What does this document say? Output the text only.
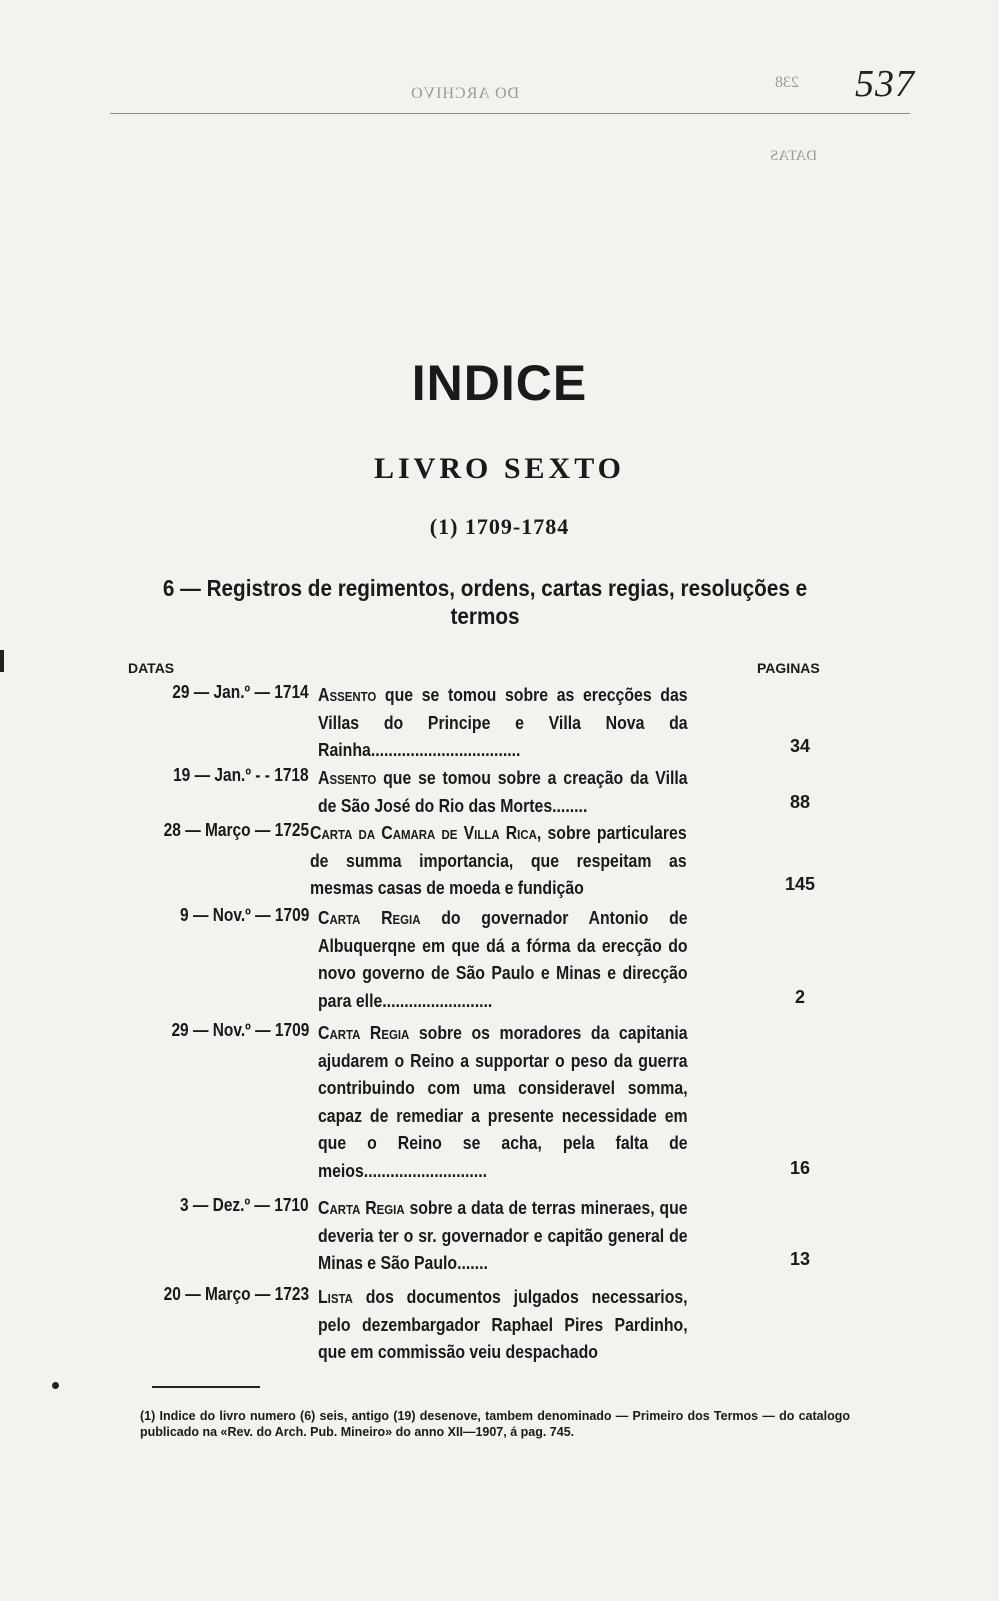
537
DO ARCHIVO
238
DATAS
INDICE
LIVRO SEXTO
(1) 1709-1784
6 — Registros de regimentos, ordens, cartas regias, resoluções e termos
DATAS	PAGINAS
29 — Jan.º — 1714 Assento que se tomou sobre as erecções das Villas do Principe e Villa Nova da Rainha..................................	34
19 — Jan.º - - 1718 Assento que se tomou sobre a creação da Villa de São José do Rio das Mortes........	88
28 — Março — 1725 Carta da Camara de Villa Rica, sobre particulares de summa importancia, que respeitam as mesmas casas de moeda e fundição	145
9 — Nov.º — 1709 Carta Regia do governador Antonio de Albuquerqne em que dá a fórma da erecção do novo governo de São Paulo e Minas e direcção para elle.........................	2
29 — Nov.º — 1709 Carta Regia sobre os moradores da capitania ajudarem o Reino a supportar o peso da guerra contribuindo com uma consideravel somma, capaz de remediar a presente necessidade em que o Reino se acha, pela falta de meios............................	16
3 — Dez.º — 1710 Carta Regia sobre a data de terras mineraes, que deveria ter o sr. governador e capitão general de Minas e São Paulo.......	13
20 — Março — 1723 Lista dos documentos julgados necessarios, pelo dezembargador Raphael Pires Pardinho, que em commissão veiu despachado
(1) Indice do livro numero (6) seis, antigo (19) desenove, tambem denominado — Primeiro dos Termos — do catalogo publicado na «Rev. do Arch. Pub. Mineiro» do anno XII—1907, á pag. 745.
